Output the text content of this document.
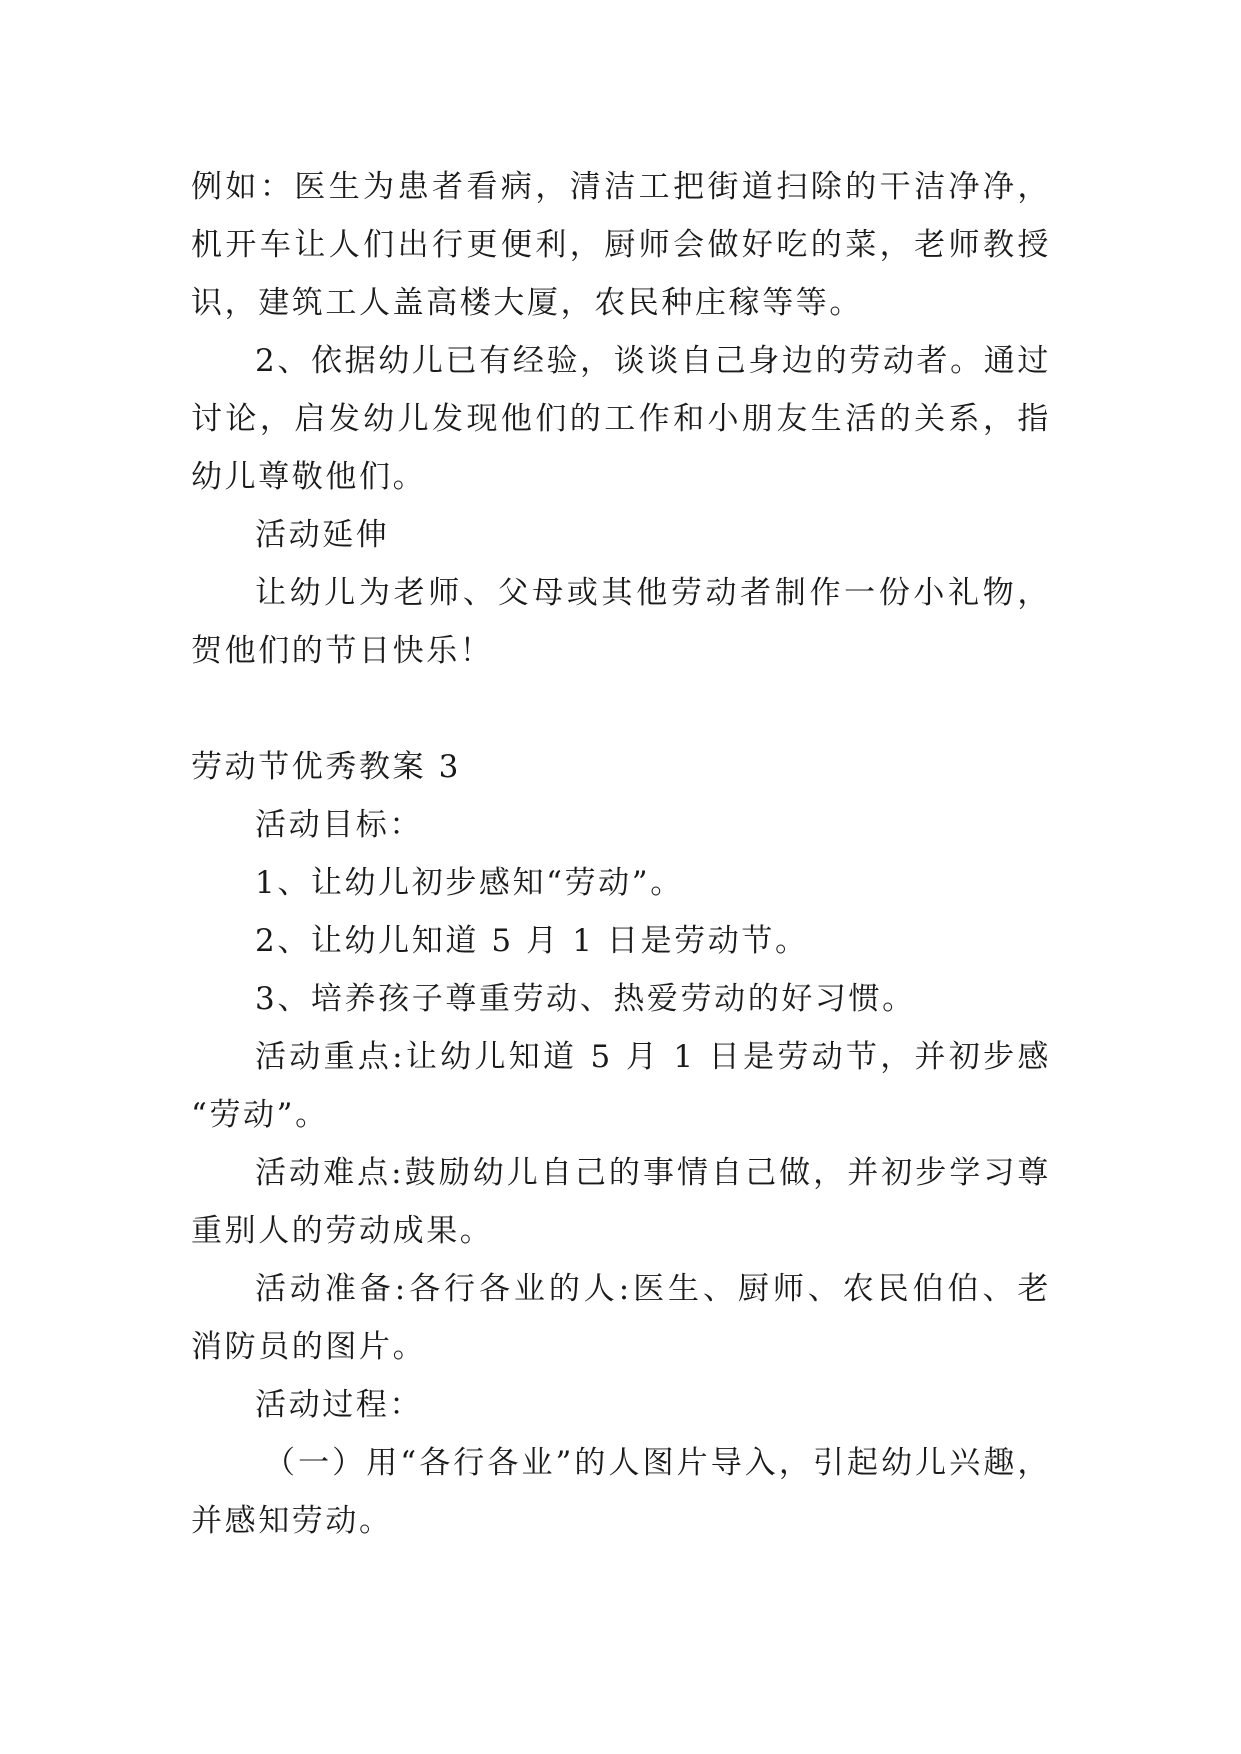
例如：医生为患者看病，清洁工把街道扫除的干洁净净，
机开车让人们出行更便利，厨师会做好吃的菜，老师教授
识，建筑工人盖高楼大厦，农民种庄稼等等。
2、依据幼儿已有经验，谈谈自己身边的劳动者。通过
讨论，启发幼儿发现他们的工作和小朋友生活的关系，指
幼儿尊敬他们。
活动延伸
让幼儿为老师、父母或其他劳动者制作一份小礼物，
贺他们的节日快乐！
劳动节优秀教案 3
活动目标：
1、让幼儿初步感知“劳动”。
2、让幼儿知道 5 月 1 日是劳动节。
3、培养孩子尊重劳动、热爱劳动的好习惯。
活动重点:让幼儿知道 5 月 1 日是劳动节，并初步感
“劳动”。
活动难点:鼓励幼儿自己的事情自己做，并初步学习尊
重别人的劳动成果。
活动准备:各行各业的人:医生、厨师、农民伯伯、老
消防员的图片。
活动过程：
（一）用“各行各业”的人图片导入，引起幼儿兴趣，
并感知劳动。
